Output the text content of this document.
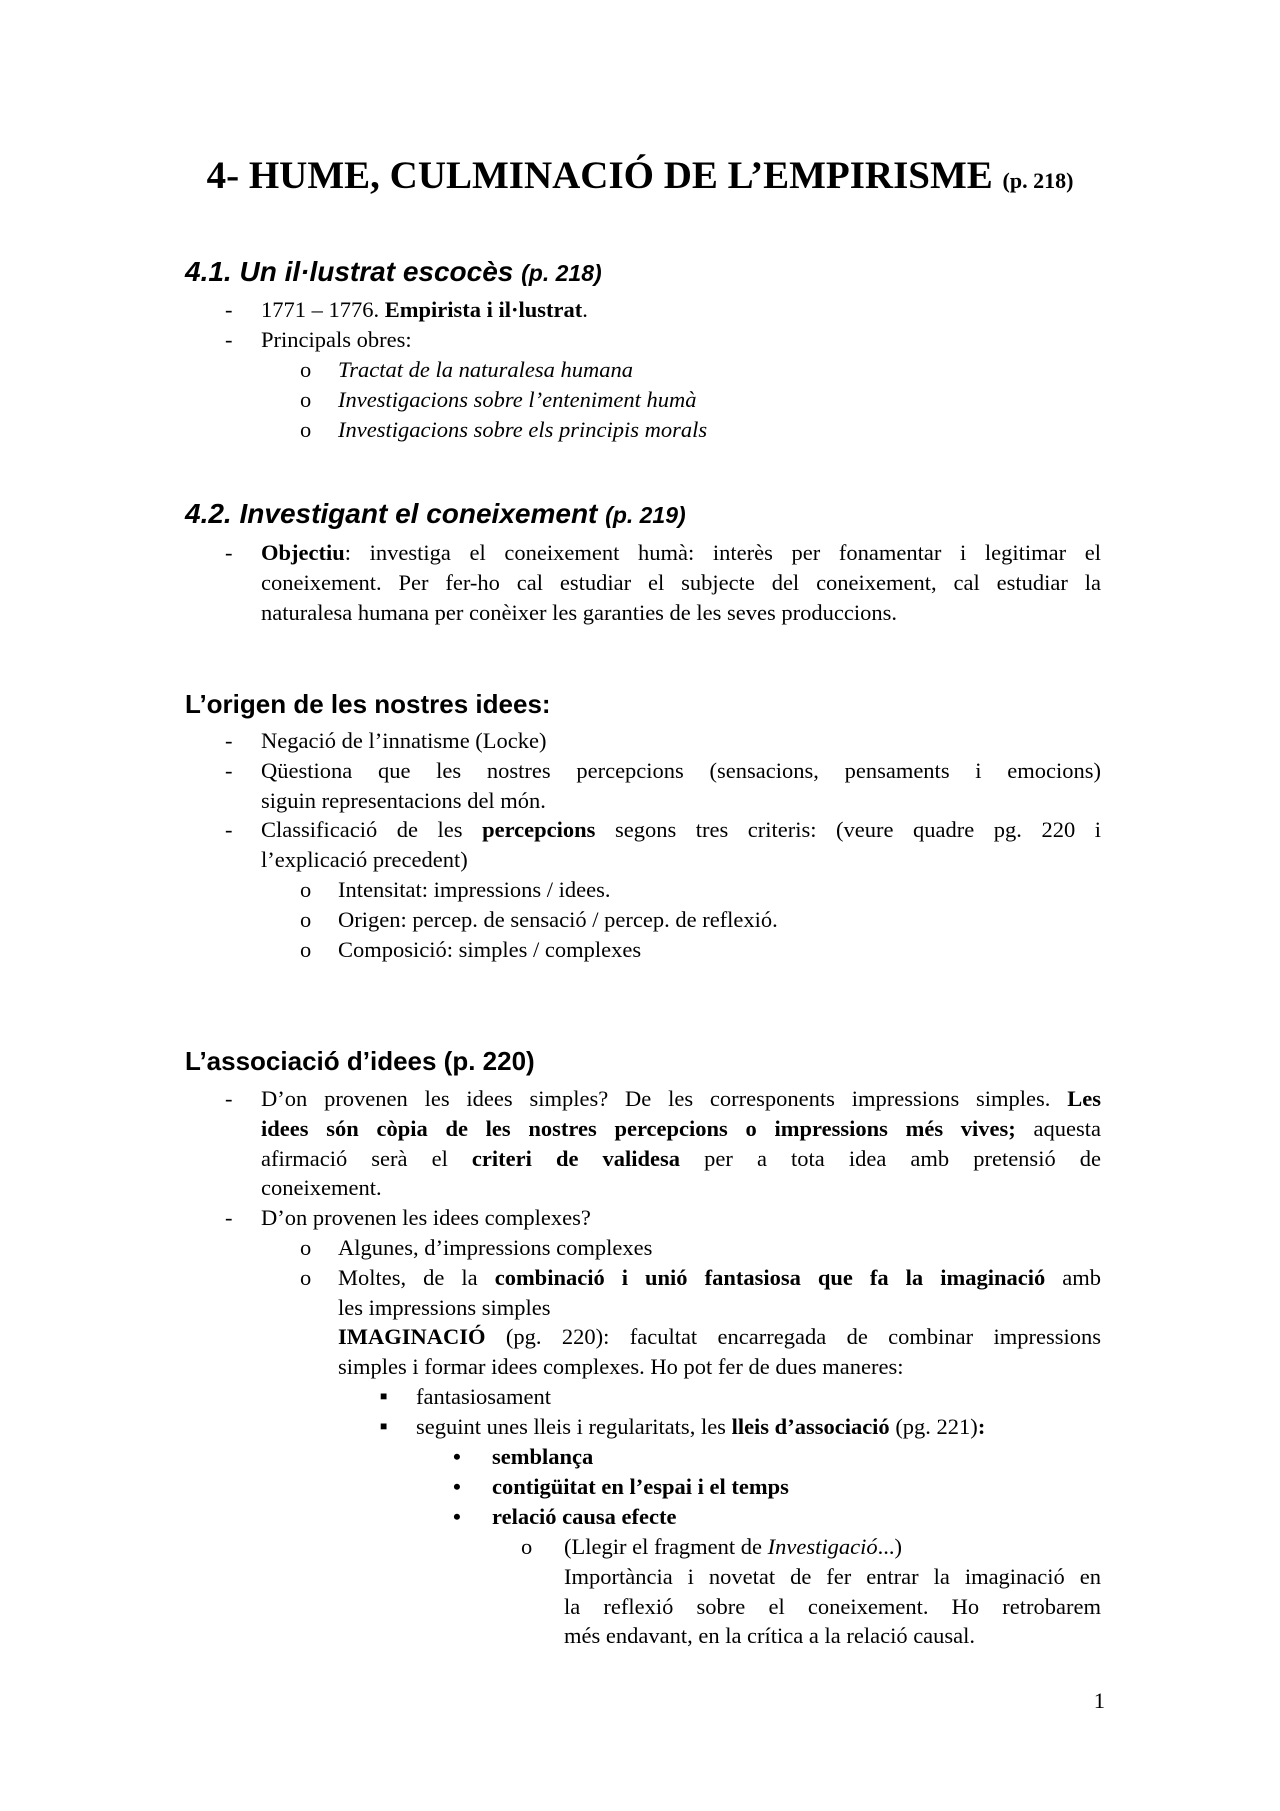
4- HUME, CULMINACIÓ DE L’EMPIRISME (p. 218)
4.1. Un il·lustrat escocès (p. 218)
- 1771 – 1776. Empirista i il·lustrat.
- Principals obres:
o Tractat de la naturalesa humana
o Investigacions sobre l’enteniment humà
o Investigacions sobre els principis morals
4.2. Investigant el coneixement (p. 219)
- Objectiu: investiga el coneixement humà: interès per fonamentar i legitimar el
coneixement. Per fer-ho cal estudiar el subjecte del coneixement, cal estudiar la
naturalesa humana per conèixer les garanties de les seves produccions.
L’origen de les nostres idees:
- Negació de l’innatisme (Locke)
- Qüestiona que les nostres percepcions (sensacions, pensaments i emocions)
siguin representacions del món.
- Classificació de les percepcions segons tres criteris: (veure quadre pg. 220 i
l’explicació precedent)
o Intensitat: impressions / idees.
o Origen: percep. de sensació / percep. de reflexió.
o Composició: simples / complexes
L’associació d’idees (p. 220)
- D’on provenen les idees simples? De les corresponents impressions simples. Les
idees són còpia de les nostres percepcions o impressions més vives; aquesta
afirmació serà el criteri de validesa per a tota idea amb pretensió de
coneixement.
- D’on provenen les idees complexes?
o Algunes, d’impressions complexes
o Moltes, de la combinació i unió fantasiosa que fa la imaginació amb
les impressions simples
IMAGINACIÓ (pg. 220): facultat encarregada de combinar impressions
simples i formar idees complexes. Ho pot fer de dues maneres:
■ fantasiosament
■ seguint unes lleis i regularitats, les lleis d’associació (pg. 221):
• semblança
• contigüitat en l’espai i el temps
• relació causa efecte
o (Llegir el fragment de Investigació...)
Importància i novetat de fer entrar la imaginació en
la reflexió sobre el coneixement. Ho retrobarem
més endavant, en la crítica a la relació causal.
1
